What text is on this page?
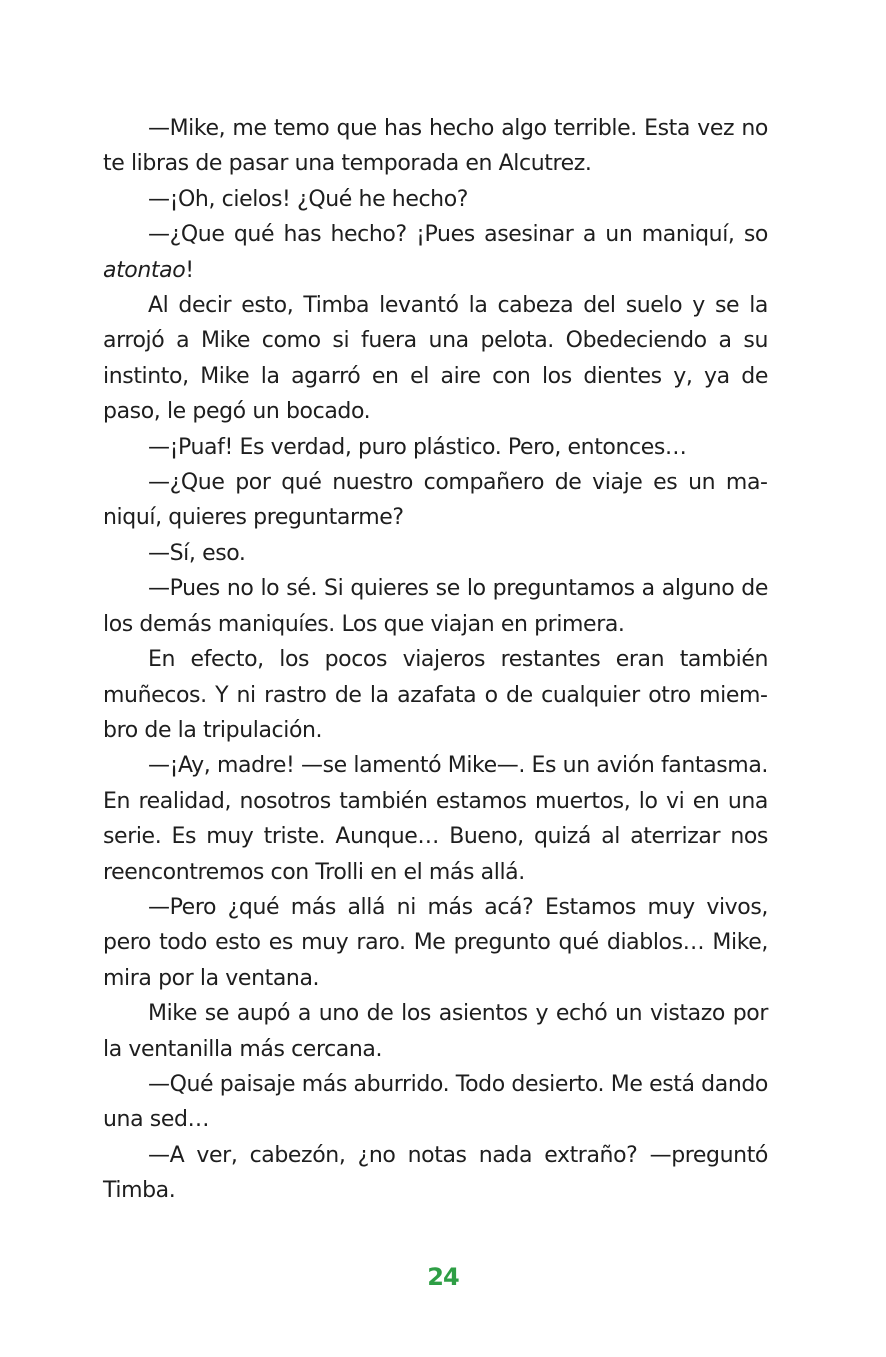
—Mike, me temo que has hecho algo terrible. Esta vez no te libras de pasar una temporada en Alcutrez.

—¡Oh, cielos! ¿Qué he hecho?

—¿Que qué has hecho? ¡Pues asesinar a un maniquí, so atontao!

Al decir esto, Timba levantó la cabeza del suelo y se la arrojó a Mike como si fuera una pelota. Obedeciendo a su instinto, Mike la agarró en el aire con los dientes y, ya de paso, le pegó un bocado.

—¡Puaf! Es verdad, puro plástico. Pero, entonces…

—¿Que por qué nuestro compañero de viaje es un maniquí, quieres preguntarme?

—Sí, eso.

—Pues no lo sé. Si quieres se lo preguntamos a alguno de los demás maniquíes. Los que viajan en primera.

En efecto, los pocos viajeros restantes eran también muñecos. Y ni rastro de la azafata o de cualquier otro miembro de la tripulación.

—¡Ay, madre! —se lamentó Mike—. Es un avión fantasma. En realidad, nosotros también estamos muertos, lo vi en una serie. Es muy triste. Aunque… Bueno, quizá al aterrizar nos reencontremos con Trolli en el más allá.

—Pero ¿qué más allá ni más acá? Estamos muy vivos, pero todo esto es muy raro. Me pregunto qué diablos… Mike, mira por la ventana.

Mike se aupó a uno de los asientos y echó un vistazo por la ventanilla más cercana.

—Qué paisaje más aburrido. Todo desierto. Me está dando una sed…

—A ver, cabezón, ¿no notas nada extraño? —preguntó Timba.

24
